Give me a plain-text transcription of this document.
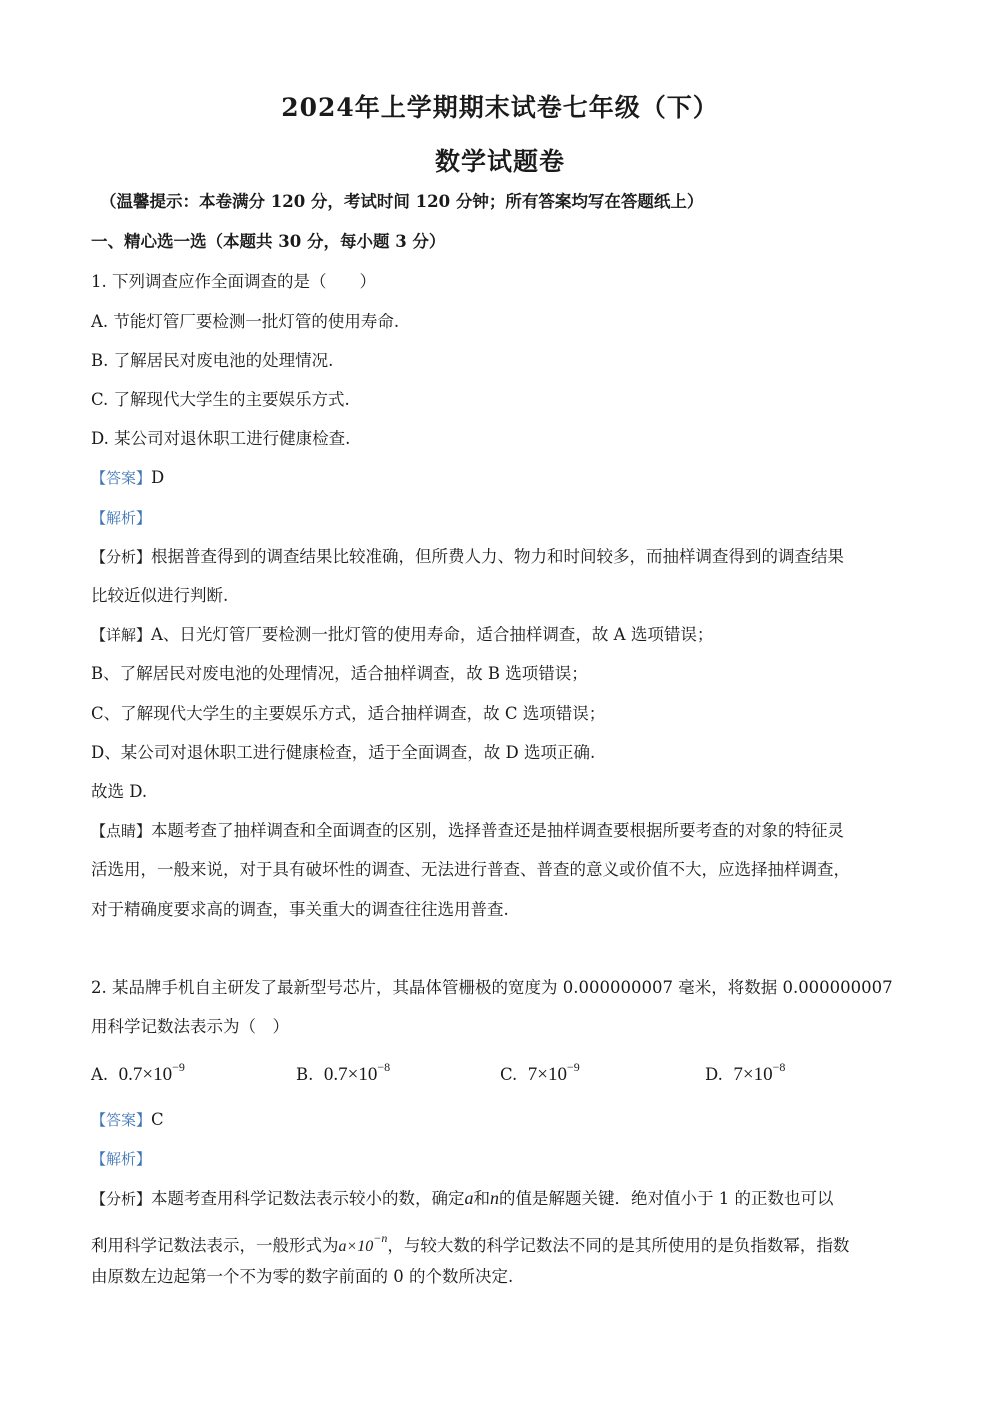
2024年上学期期末试卷七年级（下）
数学试题卷
（温馨提示：本卷满分 120 分，考试时间 120 分钟；所有答案均写在答题纸上）
一、精心选一选（本题共 30 分，每小题 3 分）
1. 下列调查应作全面调查的是（　　）
A. 节能灯管厂要检测一批灯管的使用寿命.
B. 了解居民对废电池的处理情况.
C. 了解现代大学生的主要娱乐方式.
D. 某公司对退休职工进行健康检查.
【答案】D
【解析】
【分析】根据普查得到的调查结果比较准确，但所费人力、物力和时间较多，而抽样调查得到的调查结果
比较近似进行判断.
【详解】A、日光灯管厂要检测一批灯管的使用寿命，适合抽样调查，故 A 选项错误；
B、了解居民对废电池的处理情况，适合抽样调查，故 B 选项错误；
C、了解现代大学生的主要娱乐方式，适合抽样调查，故 C 选项错误；
D、某公司对退休职工进行健康检查，适于全面调查，故 D 选项正确.
故选 D.
【点睛】本题考查了抽样调查和全面调查的区别，选择普查还是抽样调查要根据所要考查的对象的特征灵
活选用，一般来说，对于具有破坏性的调查、无法进行普查、普查的意义或价值不大，应选择抽样调查，
对于精确度要求高的调查，事关重大的调查往往选用普查.
2. 某品牌手机自主研发了最新型号芯片，其晶体管栅极的宽度为 0.000000007 毫米，将数据 0.000000007
用科学记数法表示为（　）
A. $0.7\times 10^{-9}$	B. $0.7\times 10^{-8}$	C. $7\times 10^{-9}$	D. $7\times 10^{-8}$
【答案】C
【解析】
【分析】本题考查用科学记数法表示较小的数，确定a和n的值是解题关键．绝对值小于 1 的正数也可以
利用科学记数法表示，一般形式为$a\times 10^{-n}$，与较大数的科学记数法不同的是其所使用的是负指数幂，指数
由原数左边起第一个不为零的数字前面的 0 的个数所决定.
